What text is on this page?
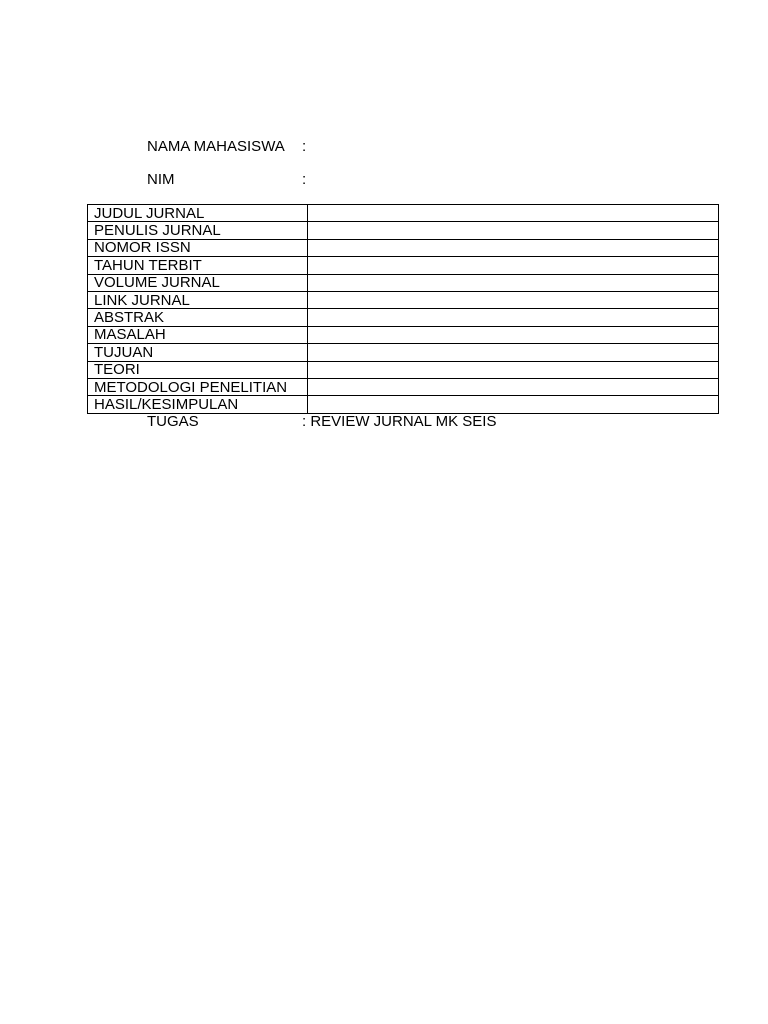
NAMA MAHASISWA :
NIM	:
JUDUL JURNAL	
PENULIS JURNAL	
NOMOR ISSN	
TAHUN TERBIT	
VOLUME JURNAL	
LINK JURNAL	
ABSTRAK	
MASALAH	
TUJUAN	
TEORI	
METODOLOGI PENELITIAN	
HASIL/KESIMPULAN	
TUGAS	: REVIEW JURNAL MK SEIS
